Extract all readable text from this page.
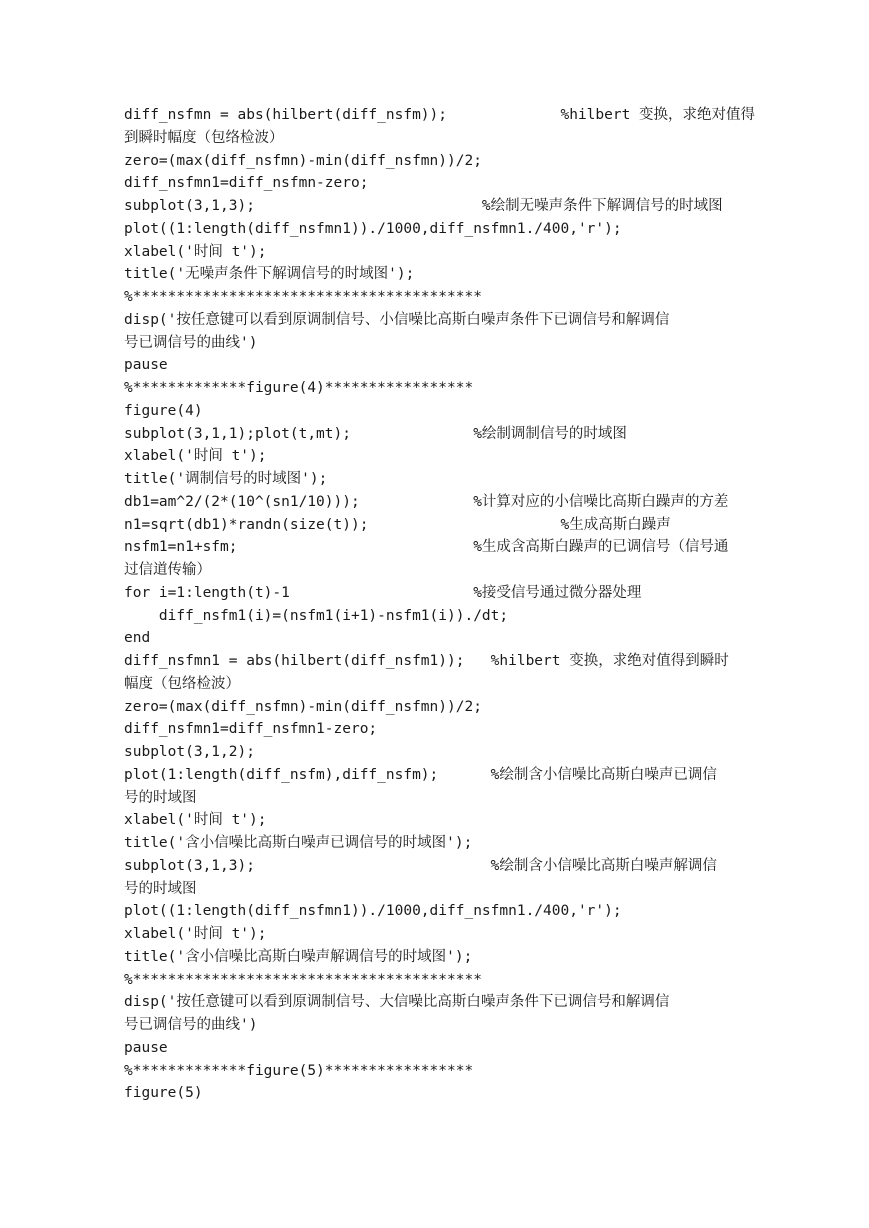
diff_nsfmn = abs(hilbert(diff_nsfm));             %hilbert 变换，求绝对值得
到瞬时幅度（包络检波）
zero=(max(diff_nsfmn)-min(diff_nsfmn))/2;
diff_nsfmn1=diff_nsfmn-zero;
subplot(3,1,3);                          %绘制无噪声条件下解调信号的时域图
plot((1:length(diff_nsfmn1))./1000,diff_nsfmn1./400,'r');
xlabel('时间 t');
title('无噪声条件下解调信号的时域图');
%****************************************
disp('按任意键可以看到原调制信号、小信噪比高斯白噪声条件下已调信号和解调信
号已调信号的曲线')
pause
%*************figure(4)*****************
figure(4)
subplot(3,1,1);plot(t,mt);              %绘制调制信号的时域图
xlabel('时间 t');
title('调制信号的时域图');
db1=am^2/(2*(10^(sn1/10)));             %计算对应的小信噪比高斯白躁声的方差
n1=sqrt(db1)*randn(size(t));                      %生成高斯白躁声
nsfm1=n1+sfm;                           %生成含高斯白躁声的已调信号（信号通
过信道传输）
for i=1:length(t)-1                     %接受信号通过微分器处理
diff_nsfm1(i)=(nsfm1(i+1)-nsfm1(i))./dt;
end
diff_nsfmn1 = abs(hilbert(diff_nsfm1));   %hilbert 变换，求绝对值得到瞬时
幅度（包络检波）
zero=(max(diff_nsfmn)-min(diff_nsfmn))/2;
diff_nsfmn1=diff_nsfmn1-zero;
subplot(3,1,2);
plot(1:length(diff_nsfm),diff_nsfm);      %绘制含小信噪比高斯白噪声已调信
号的时域图
xlabel('时间 t');
title('含小信噪比高斯白噪声已调信号的时域图');
subplot(3,1,3);                           %绘制含小信噪比高斯白噪声解调信
号的时域图
plot((1:length(diff_nsfmn1))./1000,diff_nsfmn1./400,'r');
xlabel('时间 t');
title('含小信噪比高斯白噪声解调信号的时域图');
%****************************************
disp('按任意键可以看到原调制信号、大信噪比高斯白噪声条件下已调信号和解调信
号已调信号的曲线')
pause
%*************figure(5)*****************
figure(5)
